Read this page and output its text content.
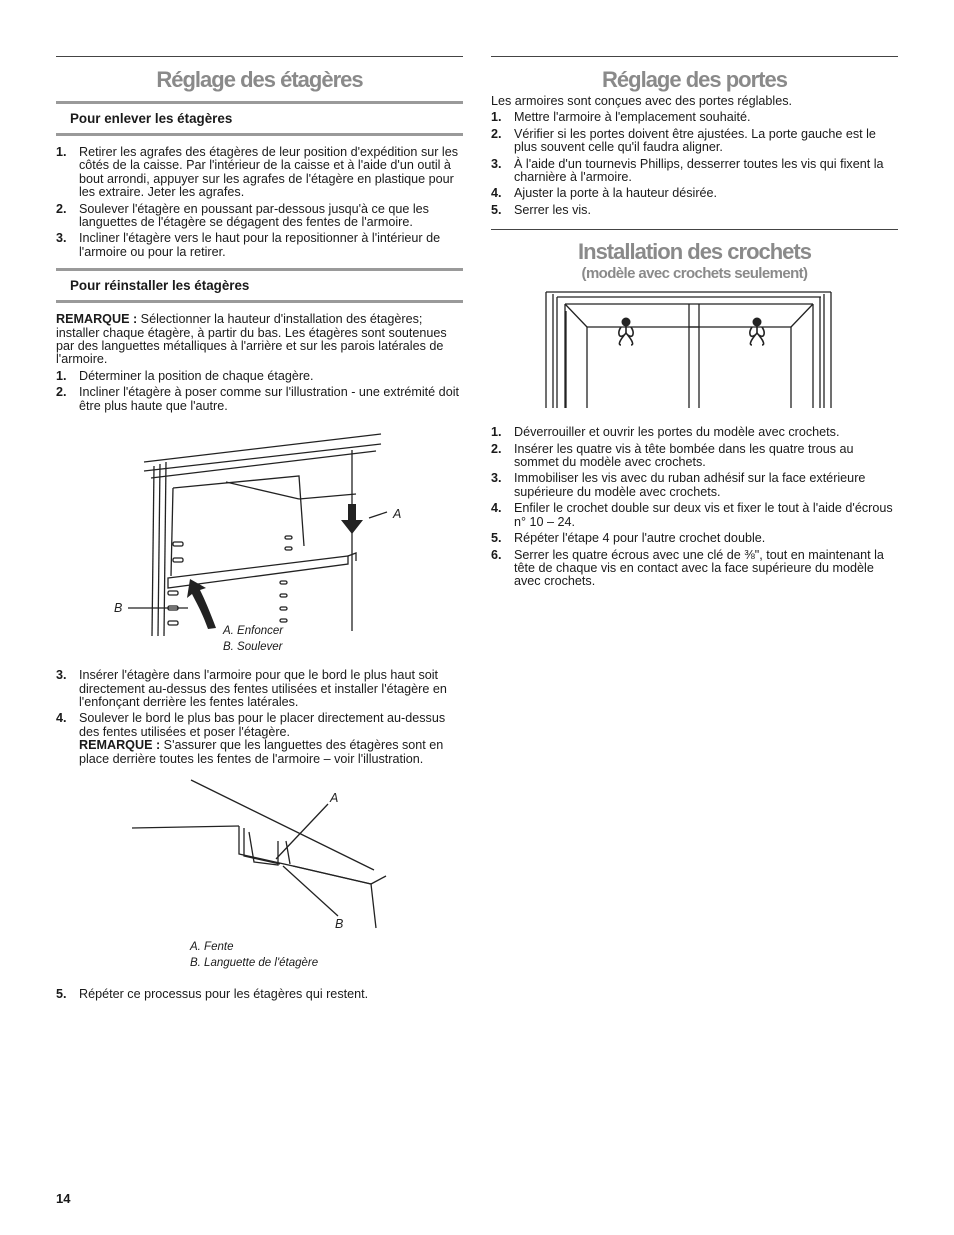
Réglage des étagères
Pour enlever les étagères
1. Retirer les agrafes des étagères de leur position d'expédition sur les côtés de la caisse. Par l'intérieur de la caisse et à l'aide d'un outil à bout arrondi, appuyer sur les agrafes de l'étagère en plastique pour les extraire. Jeter les agrafes.
2. Soulever l'étagère en poussant par-dessous jusqu'à ce que les languettes de l'étagère se dégagent des fentes de l'armoire.
3. Incliner l'étagère vers le haut pour la repositionner à l'intérieur de l'armoire ou pour la retirer.
Pour réinstaller les étagères

REMARQUE : Sélectionner la hauteur d'installation des étagères; installer chaque étagère, à partir du bas. Les étagères sont soutenues par des languettes métalliques à l'arrière et sur les parois latérales de l'armoire.

1. Déterminer la position de chaque étagère.
2. Incliner l'étagère à poser comme sur l'illustration - une extrémité doit être plus haute que l'autre.
A
B
A. Enfoncer
B. Soulever
3. Insérer l'étagère dans l'armoire pour que le bord le plus haut soit directement au-dessus des fentes utilisées et installer l'étagère en l'enfonçant derrière les fentes latérales.
4. Soulever le bord le plus bas pour le placer directement au-dessus des fentes utilisées et poser l'étagère.

REMARQUE : S'assurer que les languettes des étagères sont en place derrière toutes les fentes de l'armoire – voir l'illustration.

A
B
A. Fente
B. Languette de l'étagère
5. Répéter ce processus pour les étagères qui restent.
Réglage des portes

Les armoires sont conçues avec des portes réglables.

1. Mettre l'armoire à l'emplacement souhaité.
2. Vérifier si les portes doivent être ajustées. La porte gauche est le plus souvent celle qu'il faudra aligner.
3. À l'aide d'un tournevis Phillips, desserrer toutes les vis qui fixent la charnière à l'armoire.
4. Ajuster la porte à la hauteur désirée.
5. Serrer les vis.
Installation des crochets
(modèle avec crochets seulement)
1. Déverrouiller et ouvrir les portes du modèle avec crochets.
2. Insérer les quatre vis à tête bombée dans les quatre trous au sommet du modèle avec crochets.
3. Immobiliser les vis avec du ruban adhésif sur la face extérieure supérieure du modèle avec crochets.
4. Enfiler le crochet double sur deux vis et fixer le tout à l'aide d'écrous n° 10 – 24.
5. Répéter l'étape 4 pour l'autre crochet double.
6. Serrer les quatre écrous avec une clé de ⅜", tout en maintenant la tête de chaque vis en contact avec la face supérieure du modèle avec crochets.
14
